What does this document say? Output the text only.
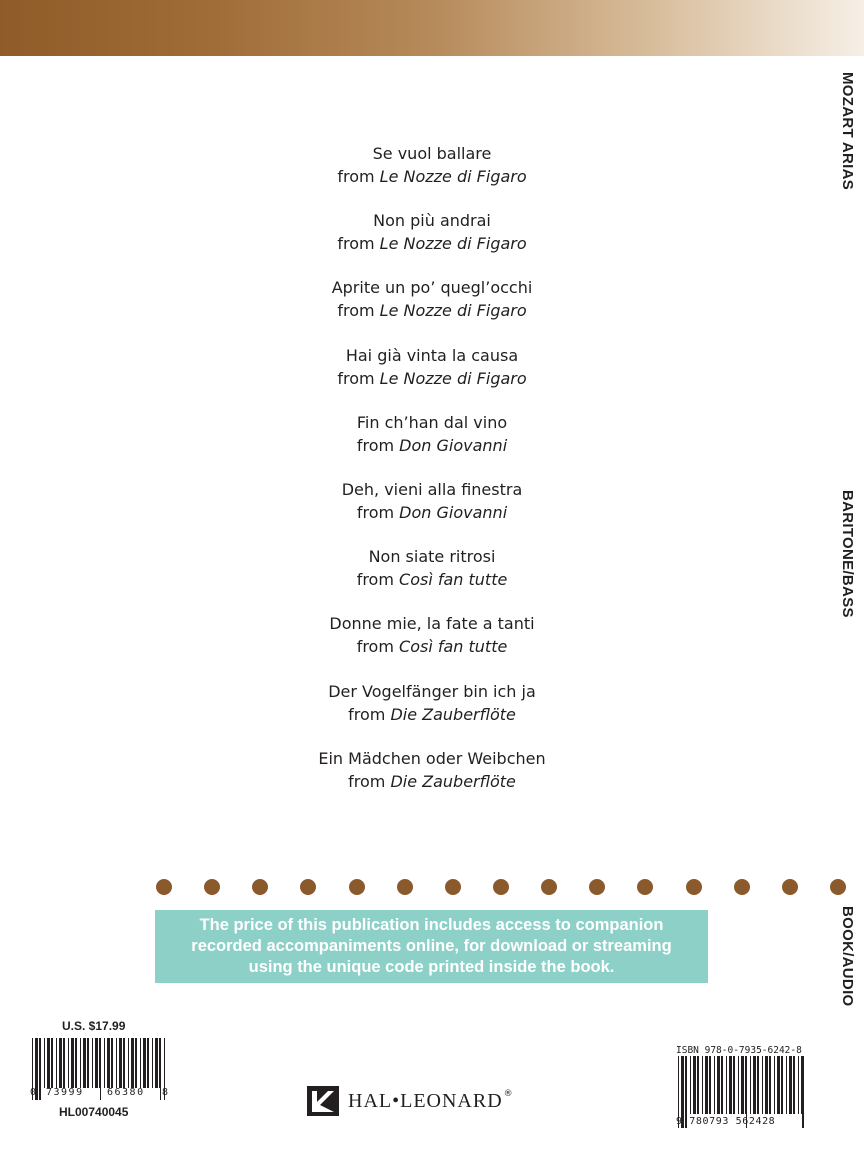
MOZART ARIAS
BARITONE/BASS
BOOK/AUDIO
Se vuol ballare
from Le Nozze di Figaro
Non più andrai
from Le Nozze di Figaro
Aprite un po’ quegl’occhi
from Le Nozze di Figaro
Hai già vinta la causa
from Le Nozze di Figaro
Fin ch’han dal vino
from Don Giovanni
Deh, vieni alla finestra
from Don Giovanni
Non siate ritrosi
from Così fan tutte
Donne mie, la fate a tanti
from Così fan tutte
Der Vogelfänger bin ich ja
from Die Zauberflöte
Ein Mädchen oder Weibchen
from Die Zauberflöte
The price of this publication includes access to companion
recorded accompaniments online, for download or streaming
using the unique code printed inside the book.
U.S. $17.99
0 73999 66380 8
HL00740045
HAL•LEONARD ®
ISBN 978-0-7935-6242-8
9 780793 562428
